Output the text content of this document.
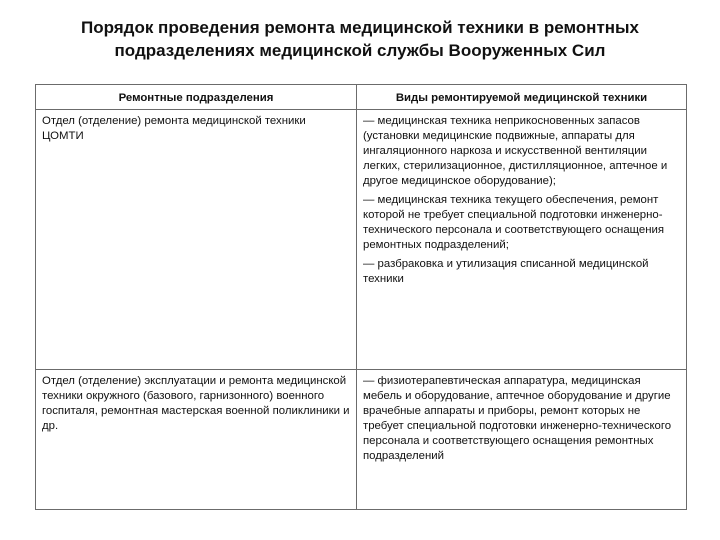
Порядок проведения ремонта медицинской техники в ремонтных подразделениях медицинской службы Вооруженных Сил
Ремонтные подразделения	Виды ремонтируемой медицинской техники
Отдел (отделение) ремонта медицинской техники ЦОМТИ	— медицинская техника неприкосновенных запасов (установки медицинские подвижные, аппараты для ингаляционного наркоза и искусственной вентиляции легких, стерилизационное, дистилляционное, аптечное и другое медицинское оборудование);

— медицинская техника текущего обеспечения, ремонт которой не требует специальной подготовки инженерно-технического персонала и соответствующего оснащения ремонтных подразделений;

— разбраковка и утилизация списанной медицинской техники

Отдел (отделение) эксплуатации и ремонта медицинской техники окружного (базового, гарнизонного) военного госпиталя, ремонтная мастерская военной поликлиники и др.	— физиотерапевтическая аппаратура, медицинская мебель и оборудование, аптечное оборудование и другие врачебные аппараты и приборы, ремонт которых не требует специальной подготовки инженерно-технического персонала и соответствующего оснащения ремонтных подразделений
